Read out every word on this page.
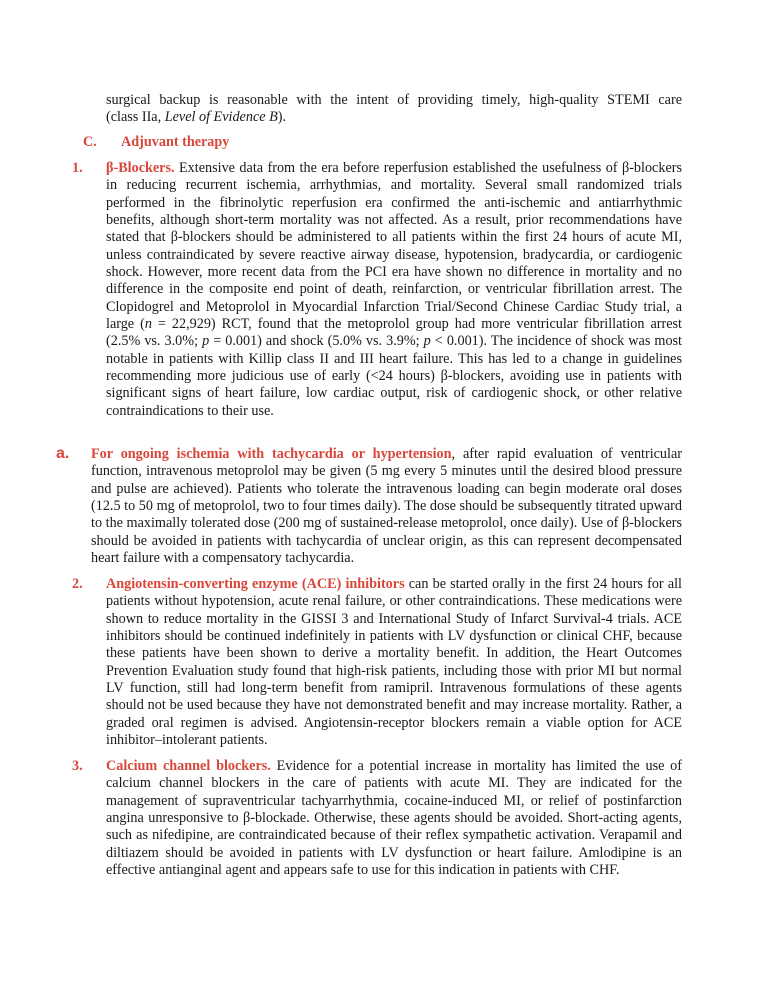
surgical backup is reasonable with the intent of providing timely, high-quality STEMI care

(class IIa, Level of Evidence B).

C. Adjuvant therapy
1. β-Blockers. Extensive data from the era before reperfusion established the usefulness of β-blockers in reducing recurrent ischemia, arrhythmias, and mortality. Several small randomized trials performed in the fibrinolytic reperfusion era confirmed the anti-ischemic and antiarrhythmic benefits, although short-term mortality was not affected. As a result, prior recommendations have stated that β-blockers should be administered to all patients within the first 24 hours of acute MI, unless contraindicated by severe reactive airway disease, hypotension, bradycardia, or cardiogenic shock. However, more recent data from the PCI era have shown no difference in mortality and no difference in the composite end point of death, reinfarction, or ventricular fibrillation arrest. The Clopidogrel and Metoprolol in Myocardial Infarction Trial/Second Chinese Cardiac Study trial, a large (n = 22,929) RCT, found that the metoprolol group had more ventricular fibrillation arrest (2.5% vs. 3.0%; p = 0.001) and shock (5.0% vs. 3.9%; p < 0.001). The incidence of shock was most notable in patients with Killip class II and III heart failure. This has led to a change in guidelines recommending more judicious use of early (<24 hours) β-blockers, avoiding use in patients with significant signs of heart failure, low cardiac output, risk of cardiogenic shock, or other relative contraindications to their use.

a. For ongoing ischemia with tachycardia or hypertension, after rapid evaluation of ventricular function, intravenous metoprolol may be given (5 mg every 5 minutes until the desired blood pressure and pulse are achieved). Patients who tolerate the intravenous loading can begin moderate oral doses (12.5 to 50 mg of metoprolol, two to four times daily). The dose should be subsequently titrated upward to the maximally tolerated dose (200 mg of sustained-release metoprolol, once daily). Use of β-blockers should be avoided in patients with tachycardia of unclear origin, as this can represent decompensated heart failure with a compensatory tachycardia.

2. Angiotensin-converting enzyme (ACE) inhibitors can be started orally in the first 24 hours for all patients without hypotension, acute renal failure, or other contraindications. These medications were shown to reduce mortality in the GISSI 3 and International Study of Infarct Survival-4 trials. ACE inhibitors should be continued indefinitely in patients with LV dysfunction or clinical CHF, because these patients have been shown to derive a mortality benefit. In addition, the Heart Outcomes Prevention Evaluation study found that high-risk patients, including those with prior MI but normal LV function, still had long-term benefit from ramipril. Intravenous formulations of these agents should not be used because they have not demonstrated benefit and may increase mortality. Rather, a graded oral regimen is advised. Angiotensin-receptor blockers remain a viable option for ACE inhibitor–intolerant patients.

3. Calcium channel blockers. Evidence for a potential increase in mortality has limited the use of calcium channel blockers in the care of patients with acute MI. They are indicated for the management of supraventricular tachyarrhythmia, cocaine-induced MI, or relief of postinfarction angina unresponsive to β-blockade. Otherwise, these agents should be avoided. Short-acting agents, such as nifedipine, are contraindicated because of their reflex sympathetic activation. Verapamil and diltiazem should be avoided in patients with LV dysfunction or heart failure. Amlodipine is an effective antianginal agent and appears safe to use for this indication in patients with CHF.
